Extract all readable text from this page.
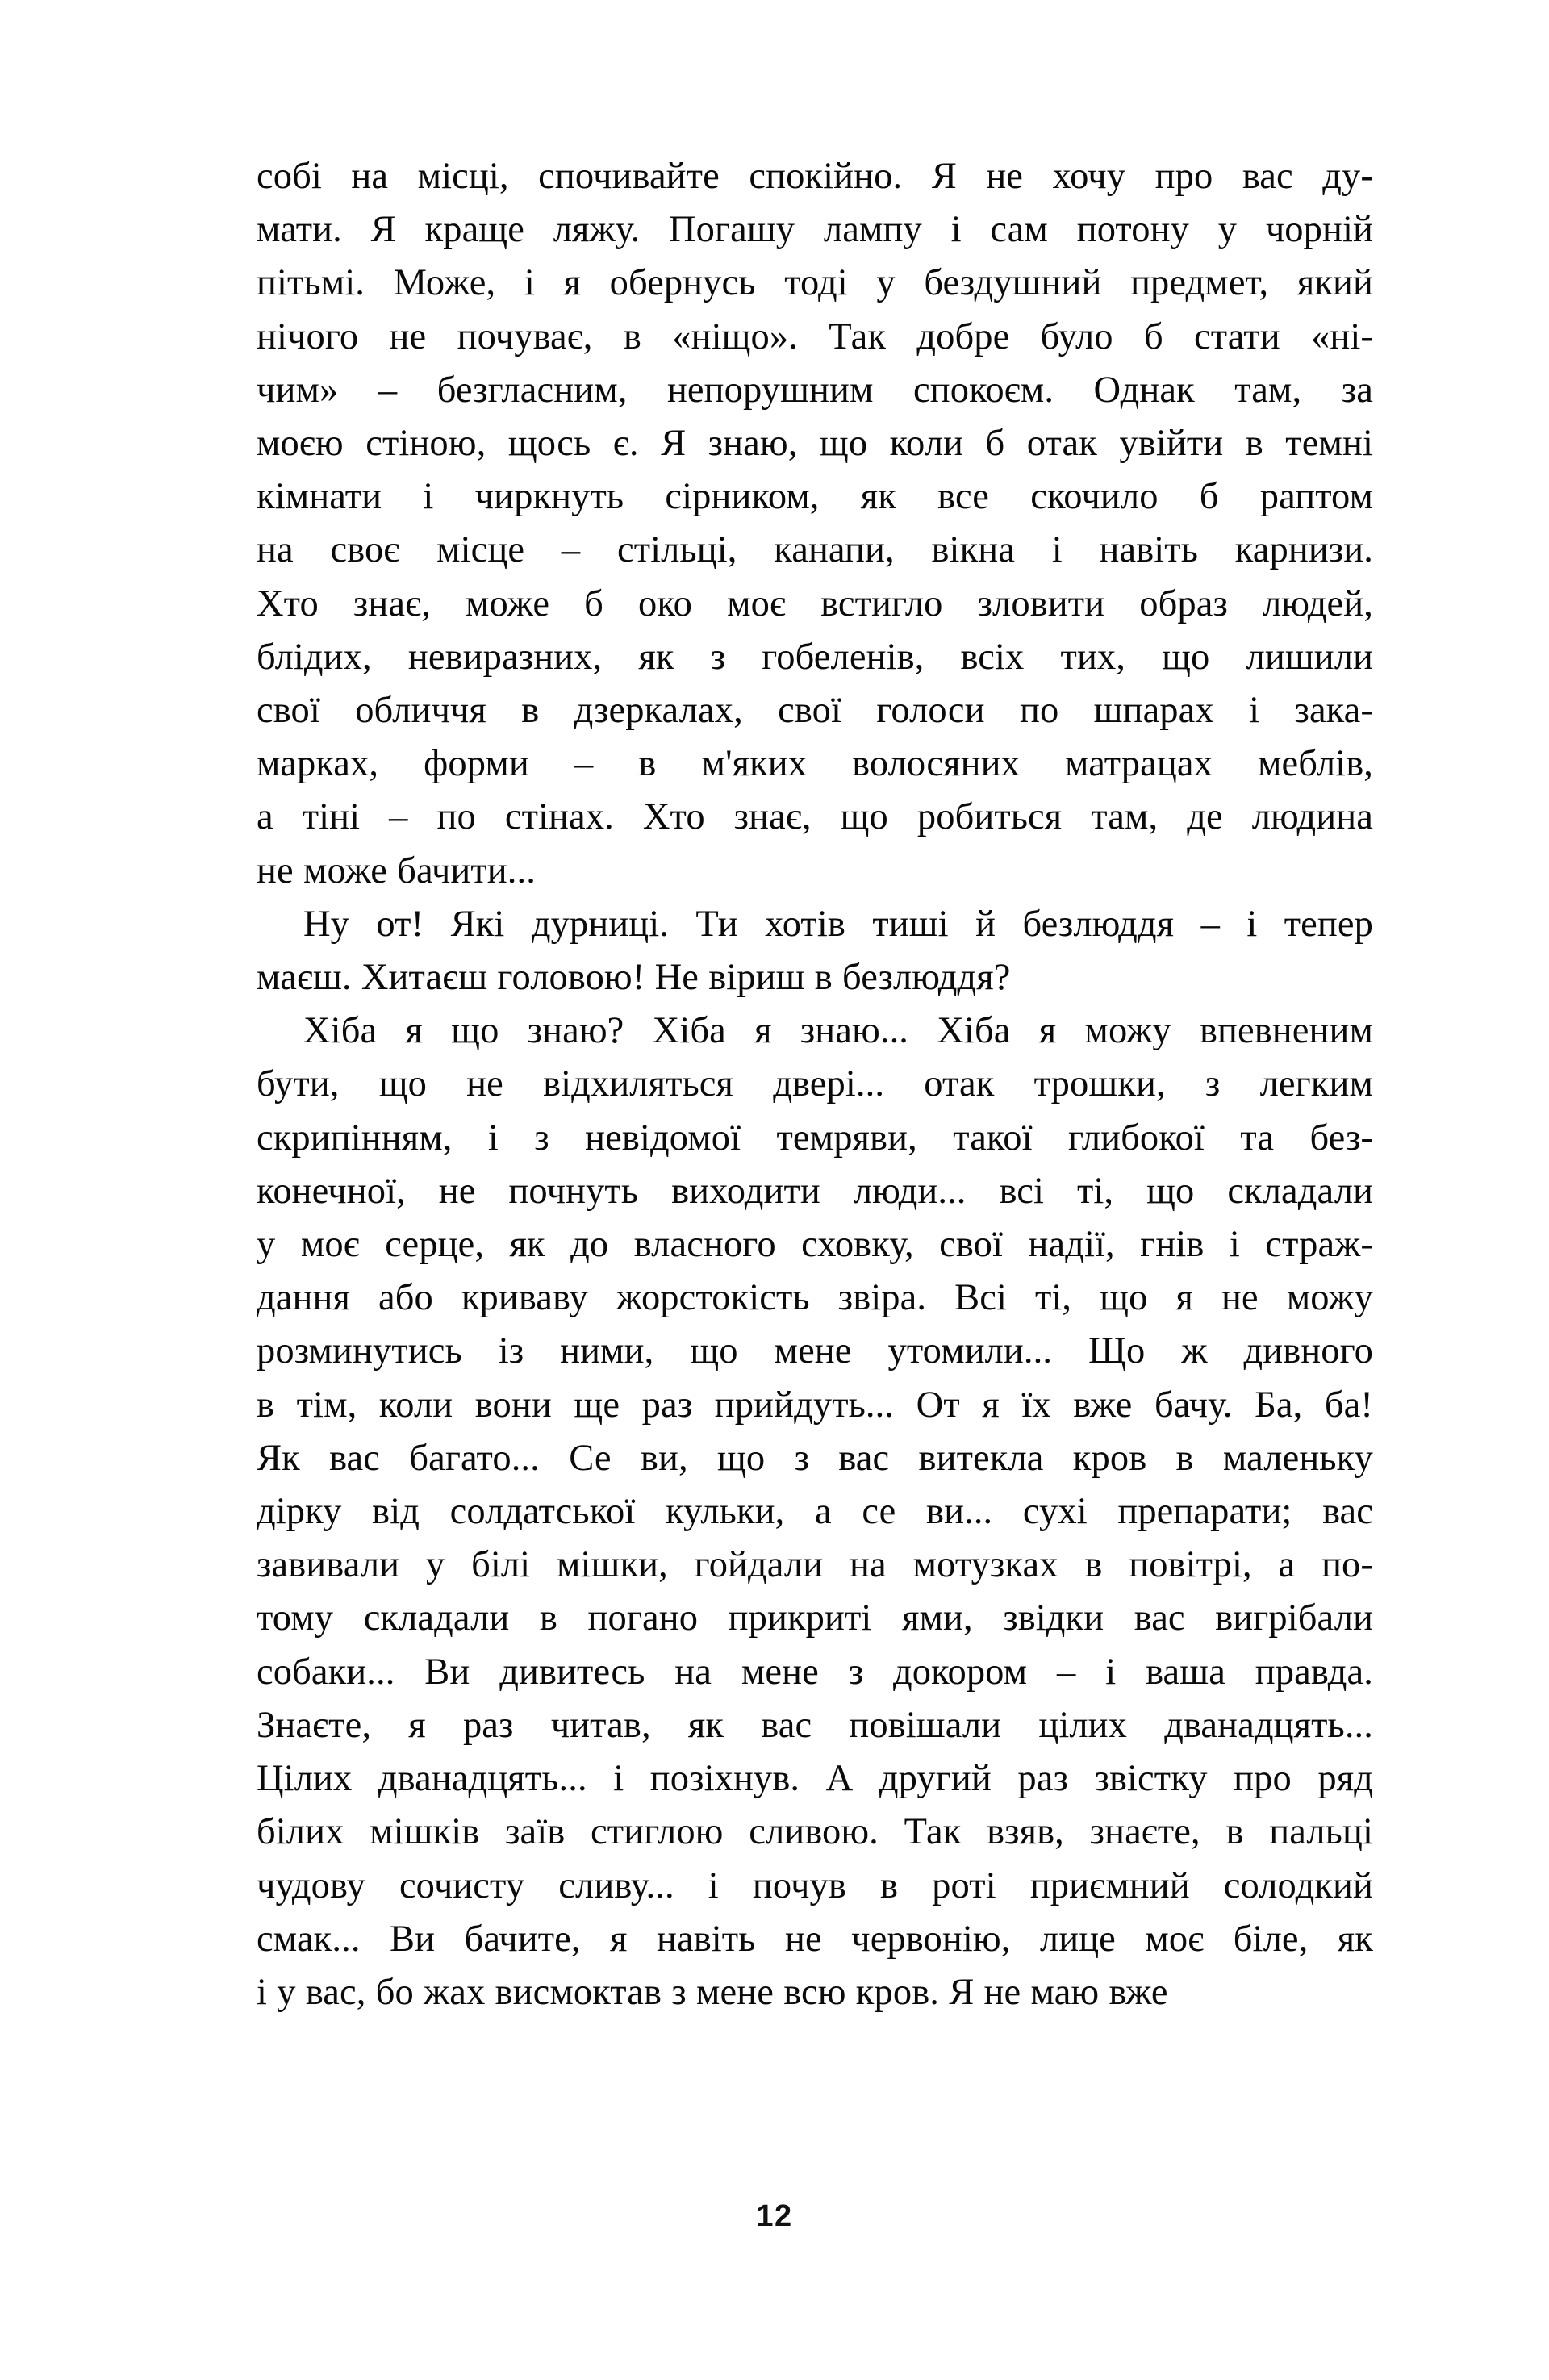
собі на місці, спочивайте спокійно. Я не хочу про вас ду-
мати. Я краще ляжу. Погашу лампу і сам потону у чорній
пітьмі. Може, і я обернусь тоді у бездушний предмет, який
нічого не почуває, в «ніщо». Так добре було б стати «ні-
чим» – безгласним, непорушним спокоєм. Однак там, за
моєю стіною, щось є. Я знаю, що коли б отак увійти в темні
кімнати і чиркнуть сірником, як все скочило б раптом
на своє місце – стільці, канапи, вікна і навіть карнизи.
Хто знає, може б око моє встигло зловити образ людей,
блідих, невиразних, як з гобеленів, всіх тих, що лишили
свої обличчя в дзеркалах, свої голоси по шпарах і зака-
марках, форми – в м'яких волосяних матрацах меблів,
а тіні – по стінах. Хто знає, що робиться там, де людина
не може бачити...

Ну от! Які дурниці. Ти хотів тиші й безлюддя – і тепер
маєш. Хитаєш головою! Не віриш в безлюддя?

Хіба я що знаю? Хіба я знаю... Хіба я можу впевненим
бути, що не відхиляться двері... отак трошки, з легким
скрипінням, і з невідомої темряви, такої глибокої та без-
конечної, не почнуть виходити люди... всі ті, що складали
у моє серце, як до власного сховку, свої надії, гнів і страж-
дання або криваву жорстокість звіра. Всі ті, що я не можу
розминутись із ними, що мене утомили... Що ж дивного
в тім, коли вони ще раз прийдуть... От я їх вже бачу. Ба, ба!
Як вас багато... Се ви, що з вас витекла кров в маленьку
дірку від солдатської кульки, а се ви... сухі препарати; вас
завивали у білі мішки, гойдали на мотузках в повітрі, а по-
тому складали в погано прикриті ями, звідки вас вигрібали
собаки... Ви дивитесь на мене з докором – і ваша правда.
Знаєте, я раз читав, як вас повішали цілих дванадцять...
Цілих дванадцять... і позіхнув. А другий раз звістку про ряд
білих мішків заїв стиглою сливою. Так взяв, знаєте, в пальці
чудову сочисту сливу... і почув в роті приємний солодкий
смак... Ви бачите, я навіть не червонію, лице моє біле, як
і у вас, бо жах висмоктав з мене всю кров. Я не маю вже

12
